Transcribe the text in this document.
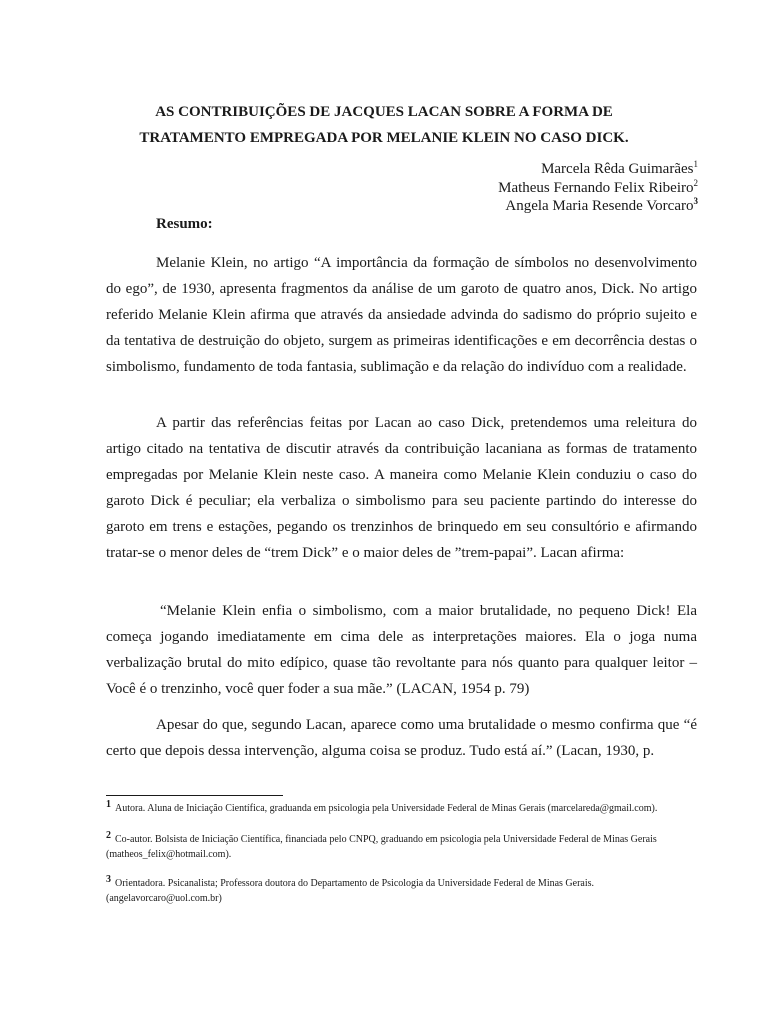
AS CONTRIBUIÇÕES DE JACQUES LACAN SOBRE A FORMA DE
TRATAMENTO EMPREGADA POR MELANIE KLEIN NO CASO DICK.
Marcela Rêda Guimarães$^1$
Matheus Fernando Felix Ribeiro$^2$
Angela Maria Resende Vorcaro$^3$

Resumo:

Melanie Klein, no artigo “A importância da formação de símbolos no desenvolvimento do ego”, de 1930, apresenta fragmentos da análise de um garoto de quatro anos, Dick. No artigo referido Melanie Klein afirma que através da ansiedade advinda do sadismo do próprio sujeito e da tentativa de destruição do objeto, surgem as primeiras identificações e em decorrência destas o simbolismo, fundamento de toda fantasia, sublimação e da relação do indivíduo com a realidade.

A partir das referências feitas por Lacan ao caso Dick, pretendemos uma releitura do artigo citado na tentativa de discutir através da contribuição lacaniana as formas de tratamento empregadas por Melanie Klein neste caso. A maneira como Melanie Klein conduziu o caso do garoto Dick é peculiar; ela verbaliza o simbolismo para seu paciente partindo do interesse do garoto em trens e estações, pegando os trenzinhos de brinquedo em seu consultório e afirmando tratar-se o menor deles de “trem Dick” e o maior deles de ”trem-papai”. Lacan afirma:

“Melanie Klein enfia o simbolismo, com a maior brutalidade, no pequeno Dick! Ela começa jogando imediatamente em cima dele as interpretações maiores. Ela o joga numa verbalização brutal do mito edípico, quase tão revoltante para nós quanto para qualquer leitor – Você é o trenzinho, você quer foder a sua mãe.” (LACAN, 1954 p. 79)

Apesar do que, segundo Lacan, aparece como uma brutalidade o mesmo confirma que “é certo que depois dessa intervenção, alguma coisa se produz. Tudo está aí.” (Lacan, 1930, p.

1 Autora. Aluna de Iniciação Científica, graduanda em psicologia pela Universidade Federal de Minas Gerais (marcelareda@gmail.com).

2 Co-autor. Bolsista de Iniciação Científica, financiada pelo CNPQ, graduando em psicologia pela Universidade Federal de Minas Gerais (matheos_felix@hotmail.com).

3 Orientadora. Psicanalista; Professora doutora do Departamento de Psicologia da Universidade Federal de Minas Gerais. (angelavorcaro@uol.com.br)
